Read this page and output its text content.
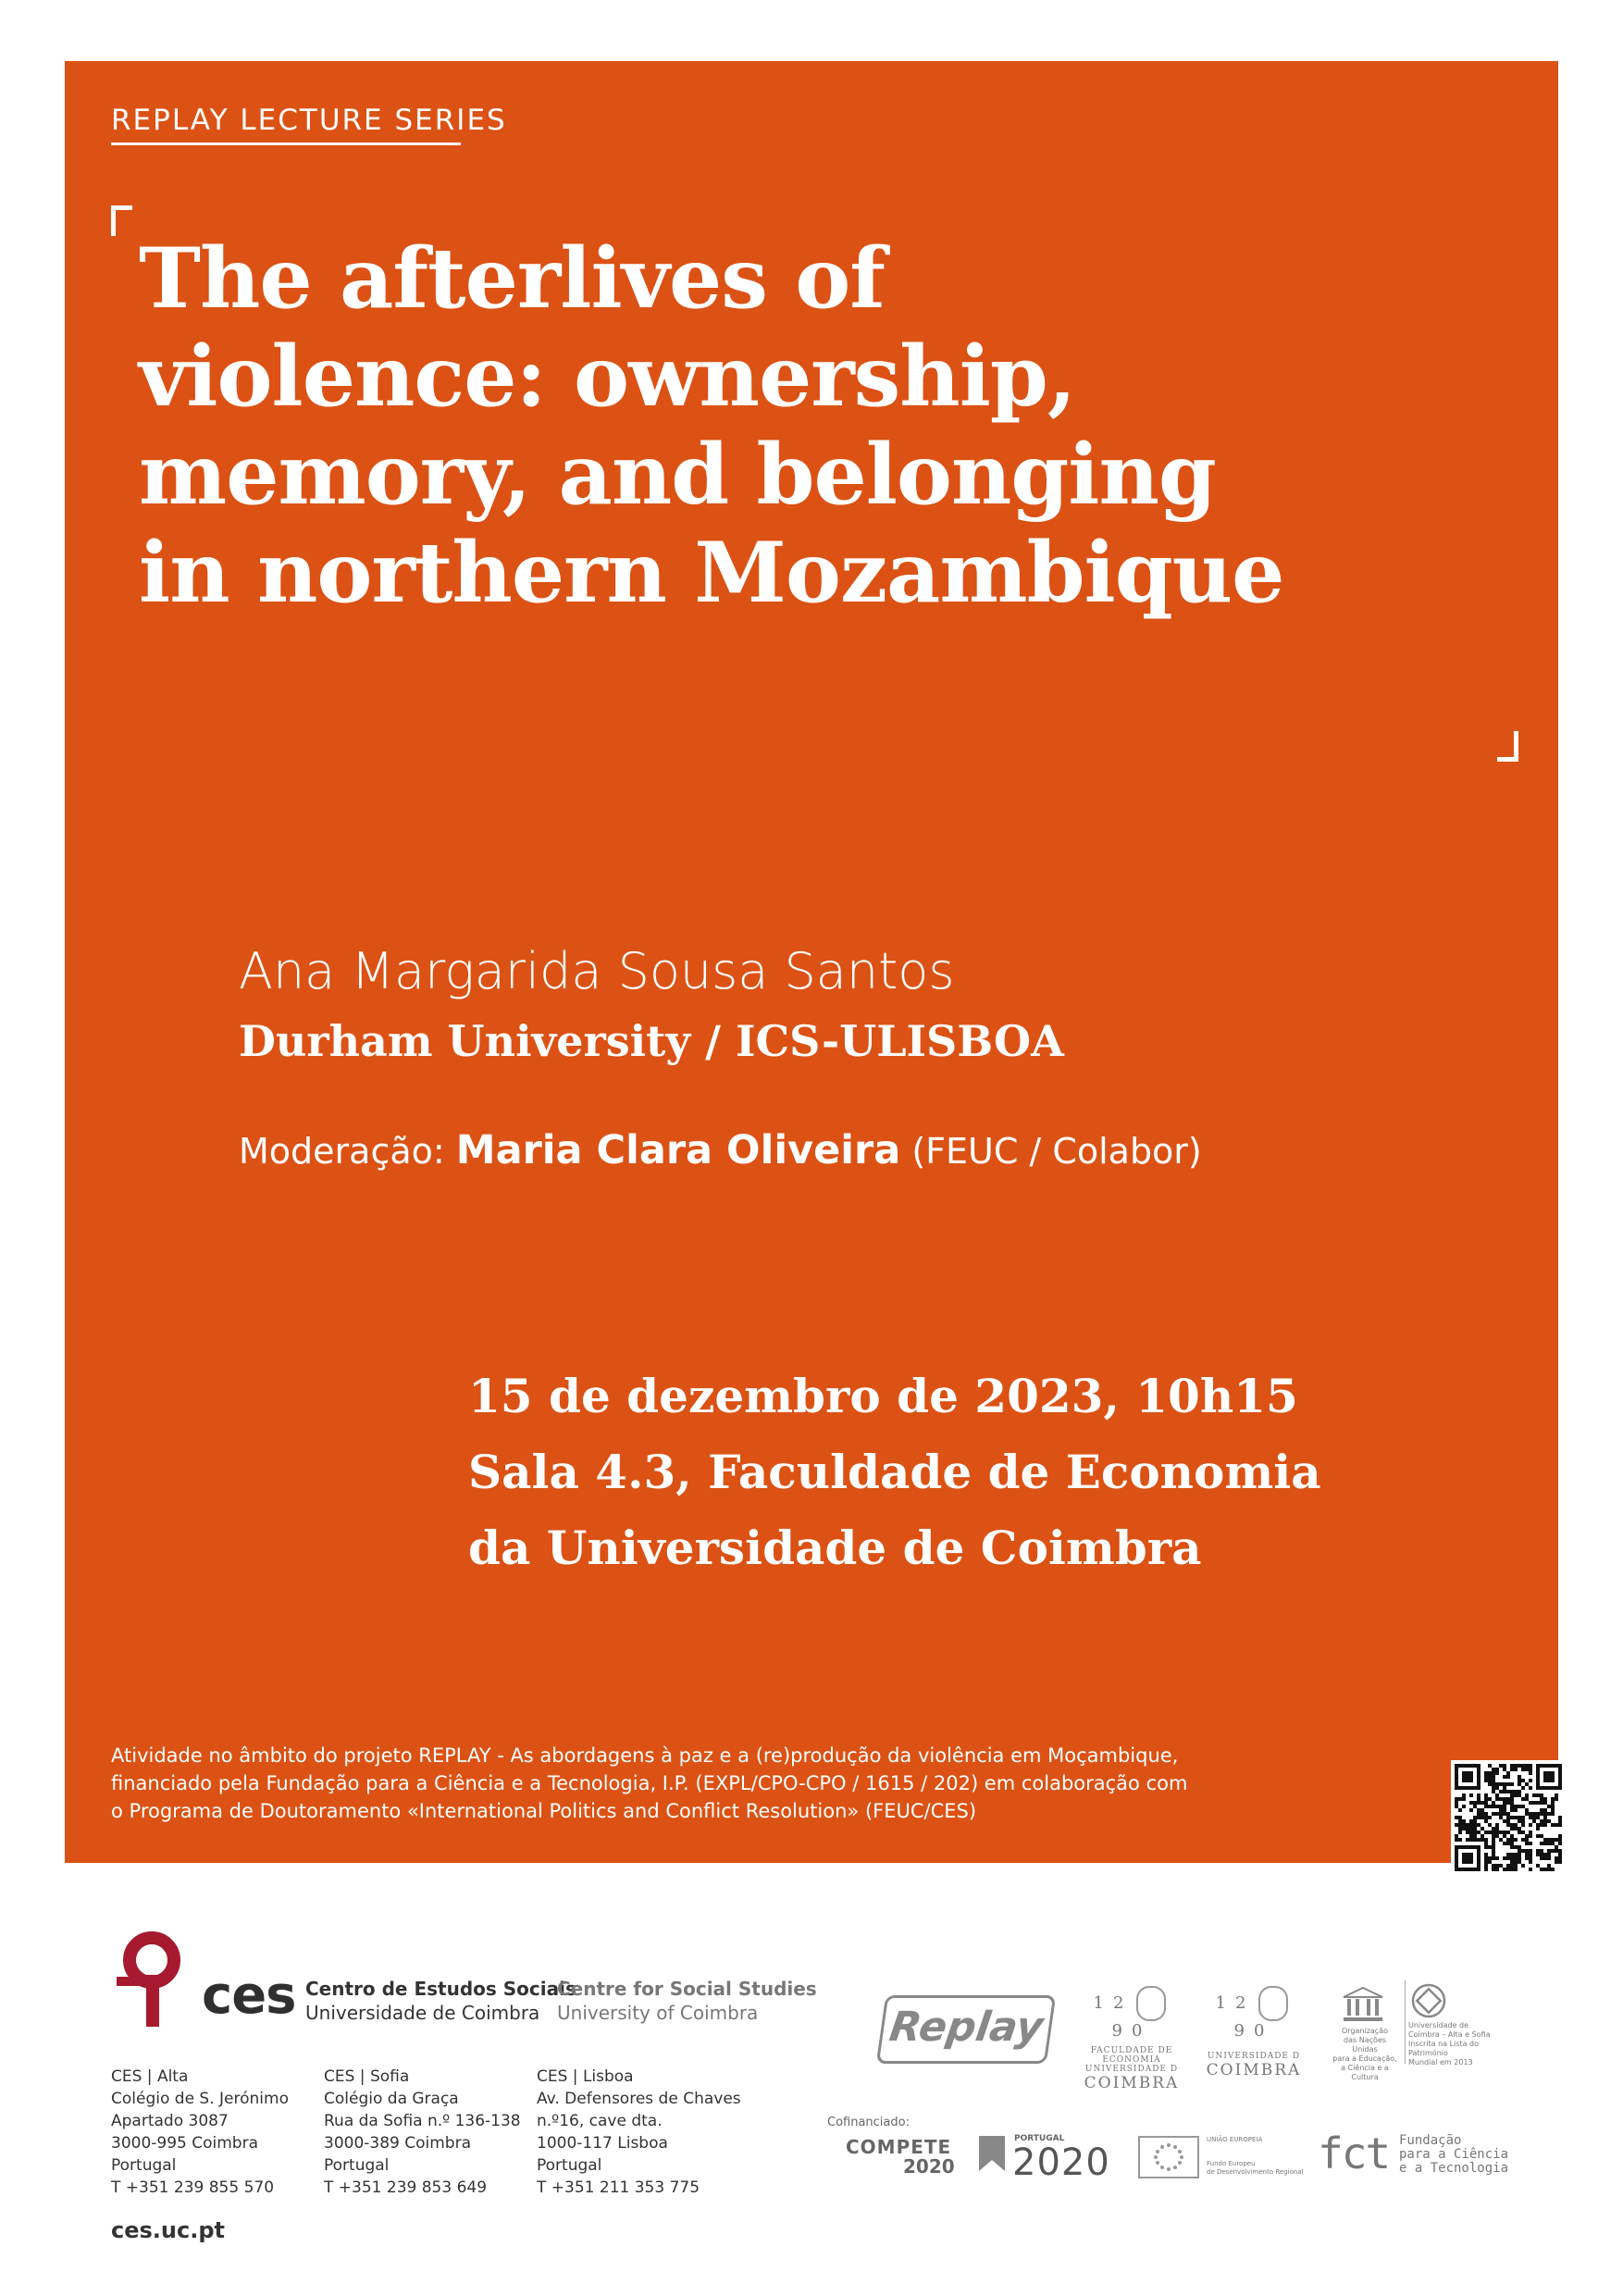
REPLAY LECTURE SERIES
The afterlives of
violence: ownership,
memory, and belonging
in northern Mozambique
Ana Margarida Sousa Santos
Durham University / ICS-ULISBOA
Moderação: Maria Clara Oliveira (FEUC / Colabor)
15 de dezembro de 2023, 10h15
Sala 4.3, Faculdade de Economia
da Universidade de Coimbra
Atividade no âmbito do projeto REPLAY - As abordagens à paz e a (re)produção da violência em Moçambique,
financiado pela Fundação para a Ciência e a Tecnologia, I.P. (EXPL/CPO-CPO / 1615 / 202) em colaboração com
o Programa de Doutoramento «International Politics and Conflict Resolution» (FEUC/CES)
ces Centro de Estudos Sociais
Universidade de Coimbra
Centre for Social Studies
University of Coimbra
CES | Alta
Colégio de S. Jerónimo
Apartado 3087
3000-995 Coimbra
Portugal
T +351 239 855 570
CES | Sofia
Colégio da Graça
Rua da Sofia n.º 136-138
3000-389 Coimbra
Portugal
T +351 239 853 649
CES | Lisboa
Av. Defensores de Chaves
n.º16, cave dta.
1000-117 Lisboa
Portugal
T +351 211 353 775
ces.uc.pt
Replay
1290
FACULDADE DE ECONOMIA
UNIVERSIDADE D
COIMBRA
1290
UNIVERSIDADE D
COIMBRA
Organização
das Nações Unidas
para a Educação,
a Ciência e a Cultura
Universidade de
Coimbra – Alta e Sofia
Inscrita na Lista do Património
Mundial em 2013
Cofinanciado:
COMPETE
2020
PORTUGAL
2020
UNIÃO EUROPEIA
Fundo Europeu
de Desenvolvimento Regional fct Fundação
para a Ciência
e a Tecnologia
